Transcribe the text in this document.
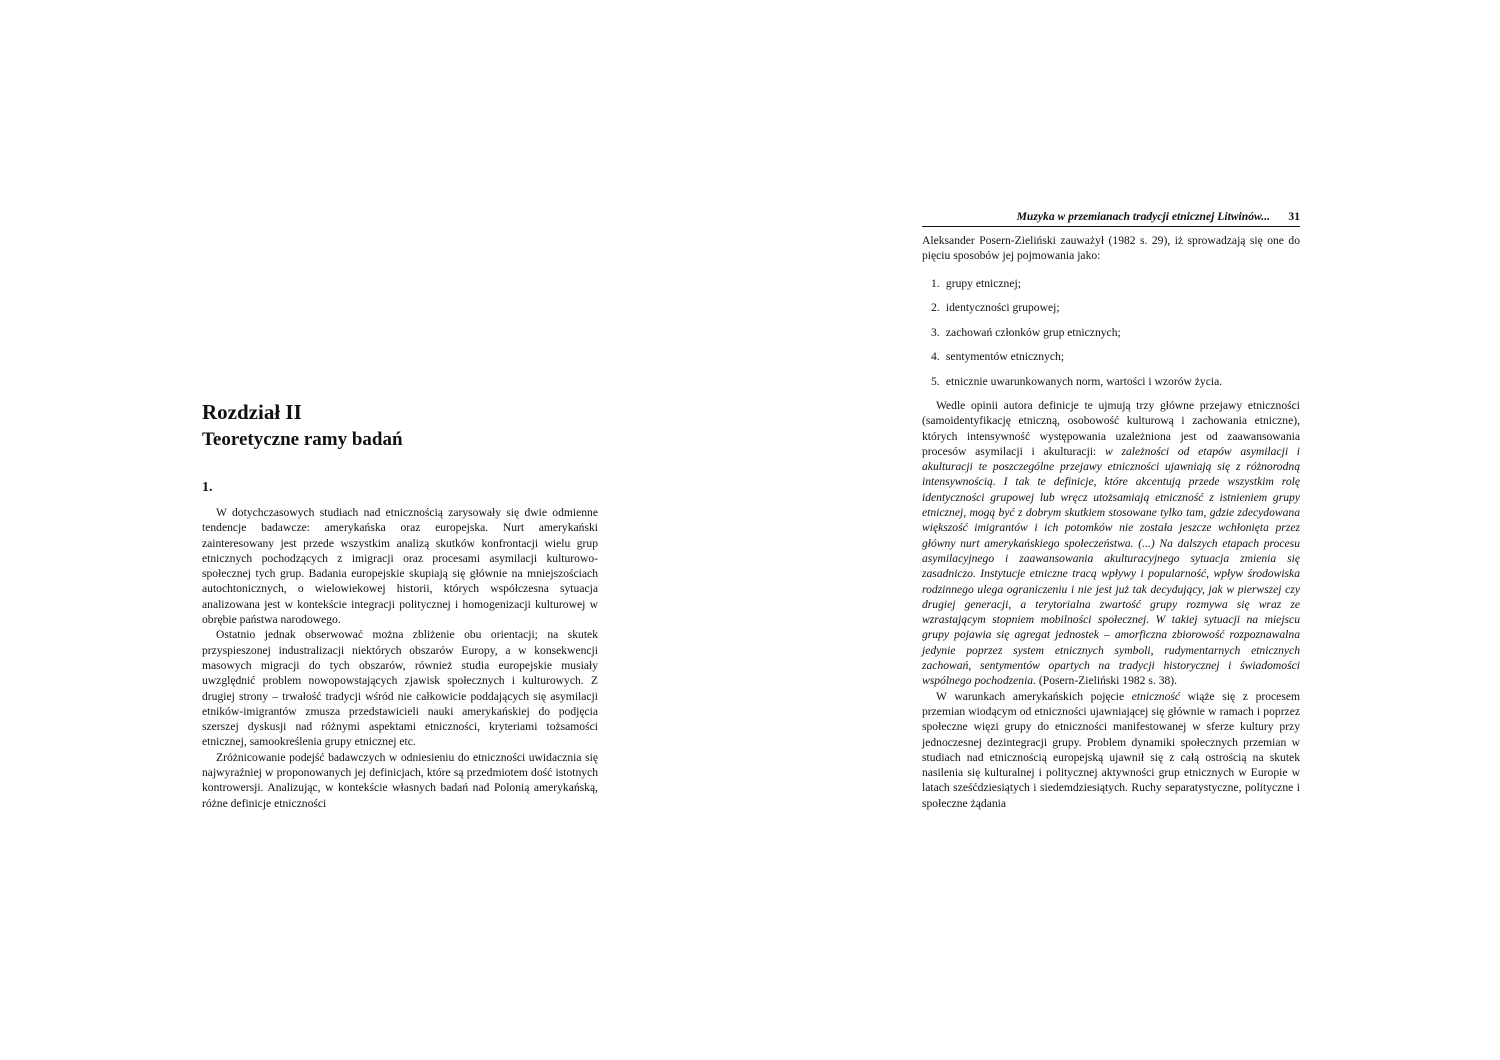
Rozdział II
Teoretyczne ramy badań
1.

W dotychczasowych studiach nad etnicznością zarysowały się dwie odmienne tendencje badawcze: amerykańska oraz europejska. Nurt amerykański zainteresowany jest przede wszystkim analizą skutków konfrontacji wielu grup etnicznych pochodzących z imigracji oraz procesami asymilacji kulturowo-społecznej tych grup. Badania europejskie skupiają się głównie na mniejszościach autochtonicznych, o wielowiekowej historii, których współczesna sytuacja analizowana jest w kontekście integracji politycznej i homogenizacji kulturowej w obrębie państwa narodowego.

Ostatnio jednak obserwować można zbliżenie obu orientacji; na skutek przyspieszonej industralizacji niektórych obszarów Europy, a w konsekwencji masowych migracji do tych obszarów, również studia europejskie musiały uwzględnić problem nowopowstających zjawisk społecznych i kulturowych. Z drugiej strony – trwałość tradycji wśród nie całkowicie poddających się asymilacji etników-imigrantów zmusza przedstawicieli nauki amerykańskiej do podjęcia szerszej dyskusji nad różnymi aspektami etniczności, kryteriami tożsamości etnicznej, samookreślenia grupy etnicznej etc.

Zróżnicowanie podejść badawczych w odniesieniu do etniczności uwidacznia się najwyraźniej w proponowanych jej definicjach, które są przedmiotem dość istotnych kontrowersji. Analizując, w kontekście własnych badań nad Polonią amerykańską, różne definicje etniczności

Muzyka w przemianach tradycji etnicznej Litwinów... 31

Aleksander Posern-Zieliński zauważył (1982 s. 29), iż sprowadzają się one do pięciu sposobów jej pojmowania jako:

1. grupy etnicznej;
2. identyczności grupowej;
3. zachowań członków grup etnicznych;
4. sentymentów etnicznych;
5. etnicznie uwarunkowanych norm, wartości i wzorów życia.

Wedle opinii autora definicje te ujmują trzy główne przejawy etniczności (samoidentyfikację etniczną, osobowość kulturową i zachowania etniczne), których intensywność występowania uzależniona jest od zaawansowania procesów asymilacji i akulturacji: w zależności od etapów asymilacji i akulturacji te poszczególne przejawy etniczności ujawniają się z różnorodną intensywnością. I tak te definicje, które akcentują przede wszystkim rolę identyczności grupowej lub wręcz utożsamiają etniczność z istnieniem grupy etnicznej, mogą być z dobrym skutkiem stosowane tylko tam, gdzie zdecydowana większość imigrantów i ich potomków nie została jeszcze wchłonięta przez główny nurt amerykańskiego społeczeństwa. (...) Na dalszych etapach procesu asymilacyjnego i zaawansowania akulturacyjnego sytuacja zmienia się zasadniczo. Instytucje etniczne tracą wpływy i popularność, wpływ środowiska rodzinnego ulega ograniczeniu i nie jest już tak decydujący, jak w pierwszej czy drugiej generacji, a terytorialna zwartość grupy rozmywa się wraz ze wzrastającym stopniem mobilności społecznej. W takiej sytuacji na miejscu grupy pojawia się agregat jednostek – amorficzna zbiorowość rozpoznawalna jedynie poprzez system etnicznych symboli, rudymentarnych etnicznych zachowań, sentymentów opartych na tradycji historycznej i świadomości wspólnego pochodzenia. (Posern-Zieliński 1982 s. 38).

W warunkach amerykańskich pojęcie etniczność wiąże się z procesem przemian wiodącym od etniczności ujawniającej się głównie w ramach i poprzez społeczne więzi grupy do etniczności manifestowanej w sferze kultury przy jednoczesnej dezintegracji grupy. Problem dynamiki społecznych przemian w studiach nad etnicznością europejską ujawnił się z całą ostrością na skutek nasilenia się kulturalnej i politycznej aktywności grup etnicznych w Europie w latach sześćdziesiątych i siedemdziesiątych. Ruchy separatystyczne, polityczne i społeczne żądania
